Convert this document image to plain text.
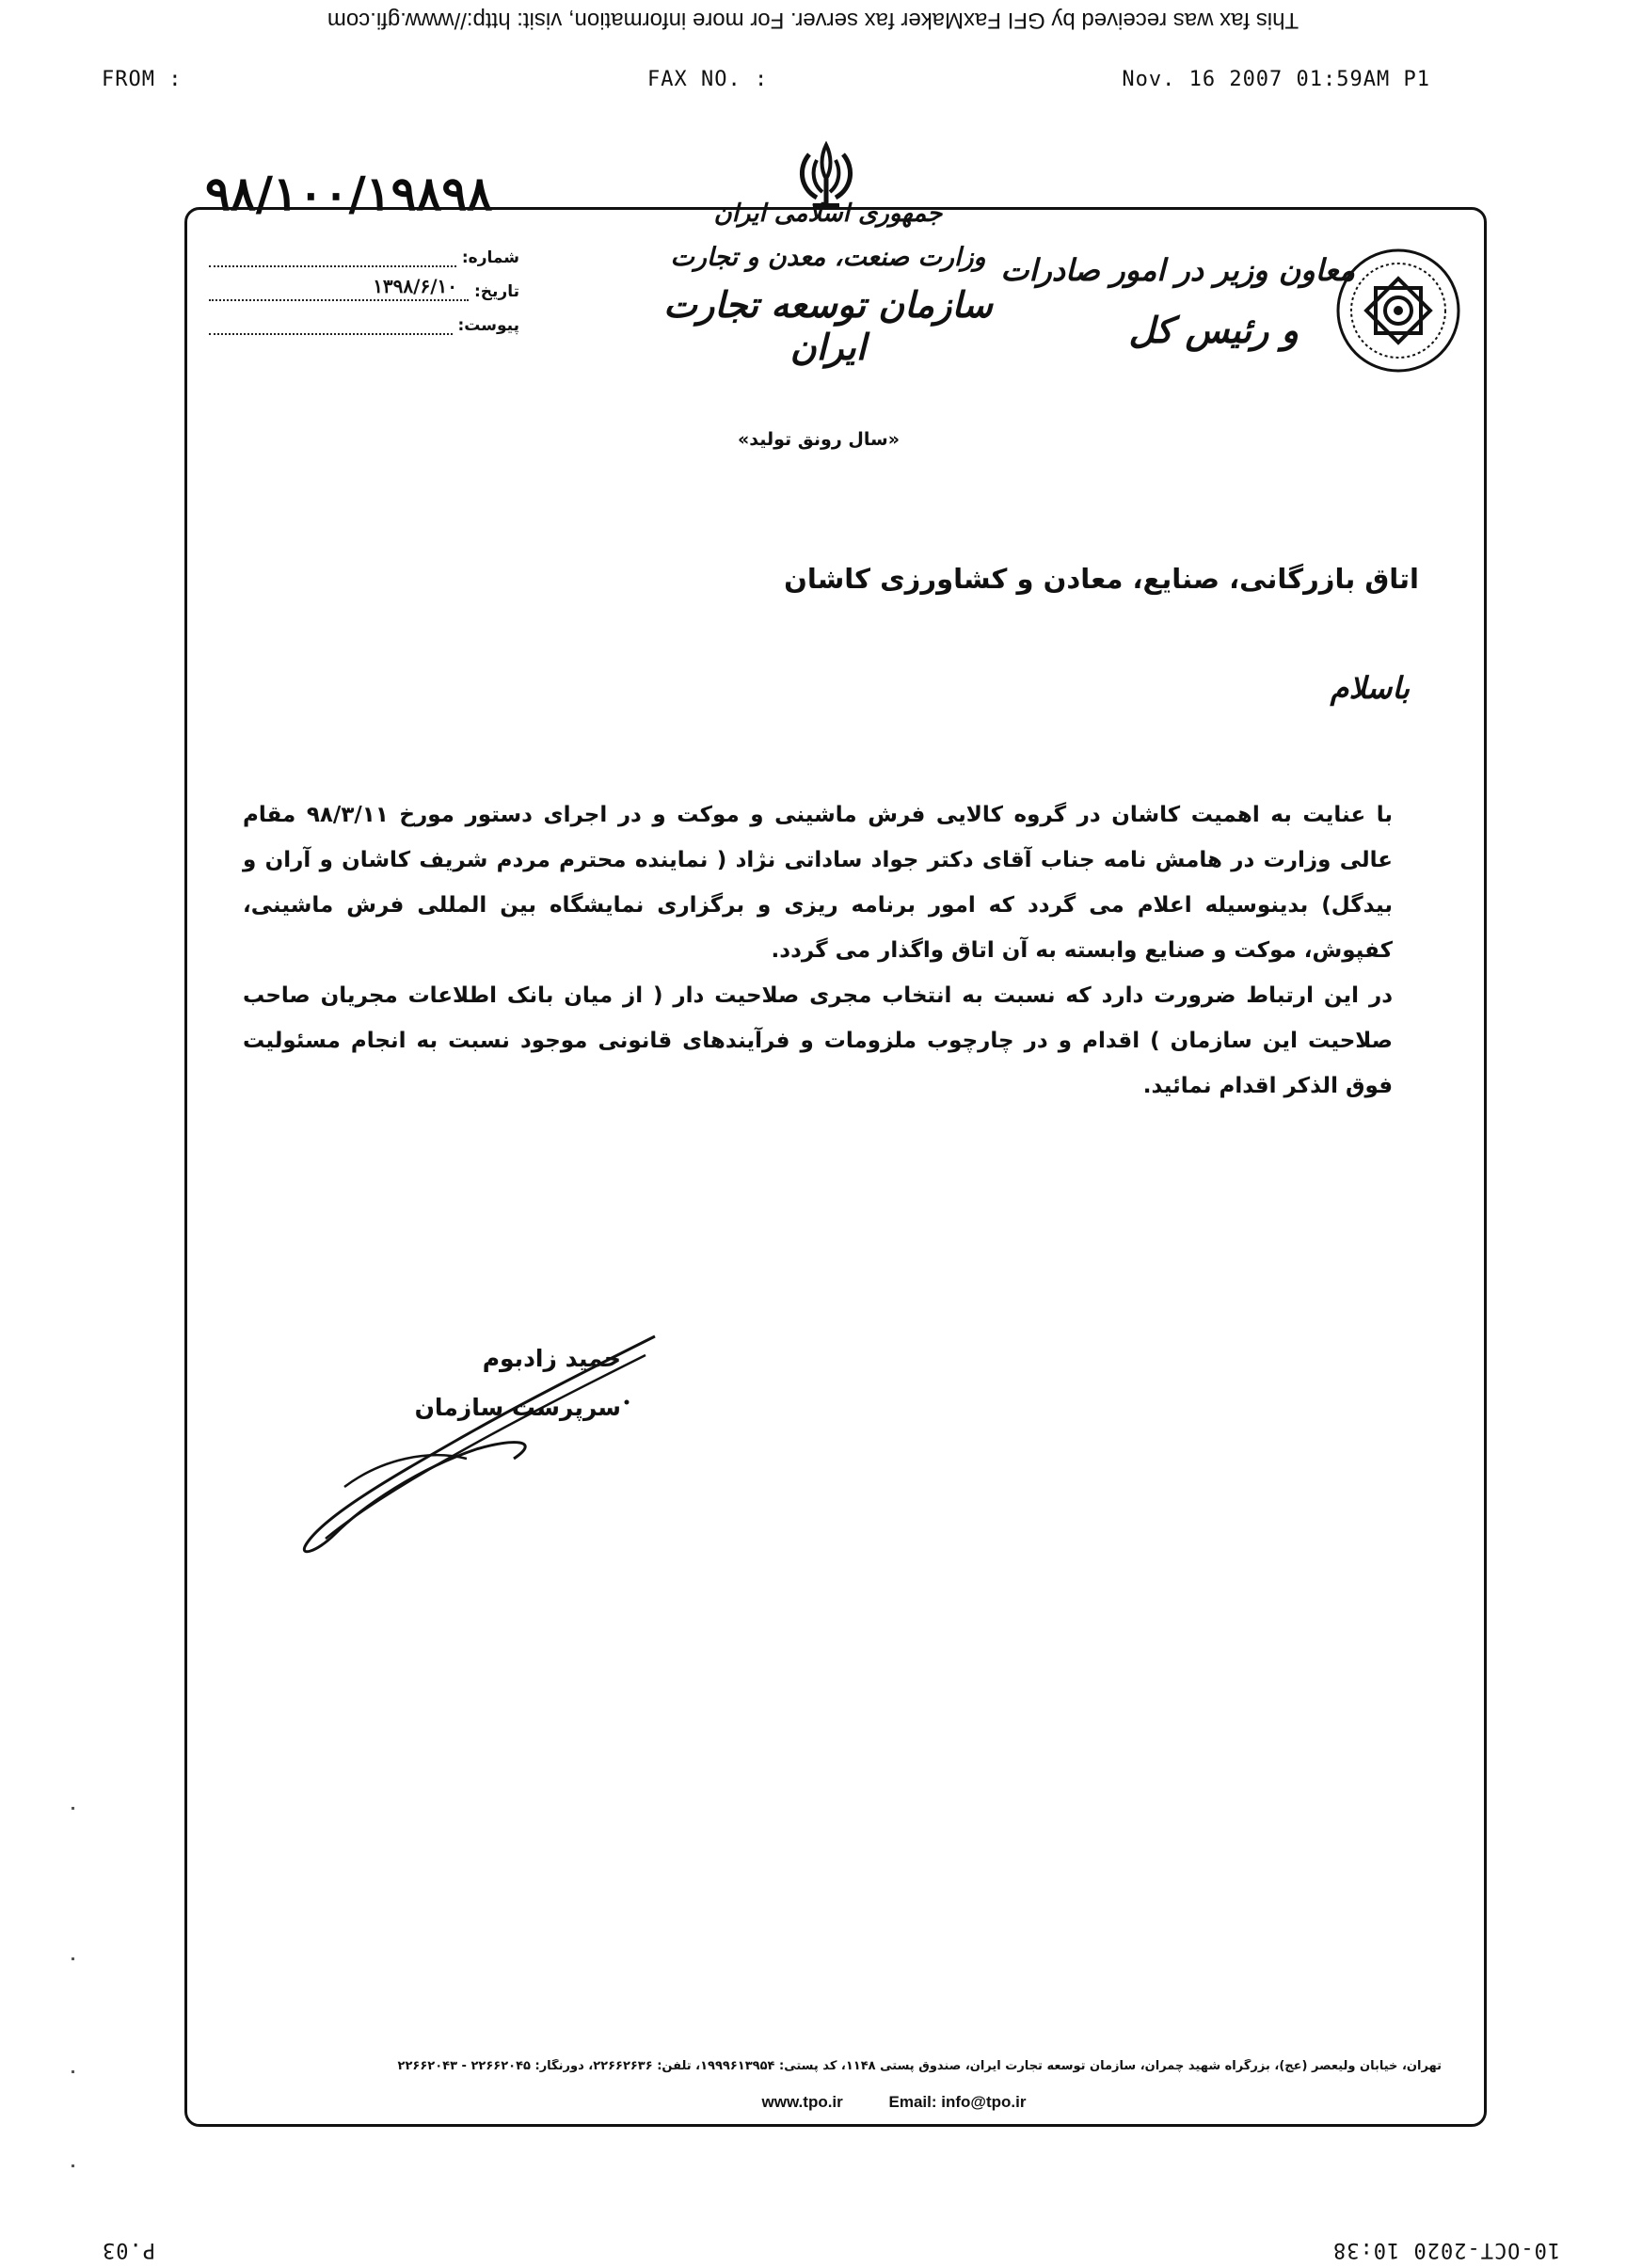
This fax was received by GFI FaxMaker fax server. For more information, visit: http://www.gfi.com
FROM :	FAX NO. :	Nov. 16 2007 01:59AM P1
۹۸/۱۰۰/۱۹۸۹۸
شماره:
تاریخ:
۱۳۹۸/۶/۱۰
پیوست:
جمهوری اسلامی ایران
وزارت صنعت، معدن و تجارت
سازمان توسعه تجارت ایران
معاون وزیر در امور صادرات
و رئیس کل
«سال رونق تولید»
اتاق بازرگانی، صنایع، معادن و کشاورزی کاشان
باسلام

با عنایت به اهمیت کاشان در گروه کالایی فرش ماشینی و موکت و در اجرای دستور مورخ ۹۸/۳/۱۱ مقام عالی وزارت در هامش نامه جناب آقای دکتر جواد ساداتی نژاد ( نماینده محترم مردم شریف کاشان و آران و بیدگل) بدینوسیله اعلام می گردد که امور برنامه ریزی و برگزاری نمایشگاه بین المللی فرش ماشینی، کفپوش، موکت و صنایع وابسته به آن اتاق واگذار می گردد.

در این ارتباط ضرورت دارد که نسبت به انتخاب مجری صلاحیت دار ( از میان بانک اطلاعات مجریان صاحب صلاحیت این سازمان ) اقدام و در چارچوب ملزومات و فرآیندهای قانونی موجود نسبت به انجام مسئولیت فوق الذکر اقدام نمائید.

حمید زادبوم
سرپرست سازمان
تهران، خیابان ولیعصر (عج)، بزرگراه شهید چمران، سازمان توسعه تجارت ایران، صندوق پستی ۱۱۴۸، کد پستی: ۱۹۹۹۶۱۳۹۵۴، تلفن: ۲۲۶۶۲۶۳۶، دورنگار: ۲۲۶۶۲۰۴۵ - ۲۲۶۶۲۰۴۳
www.tpo.ir	Email: info@tpo.ir
P.03	10-OCT-2020 10:38
